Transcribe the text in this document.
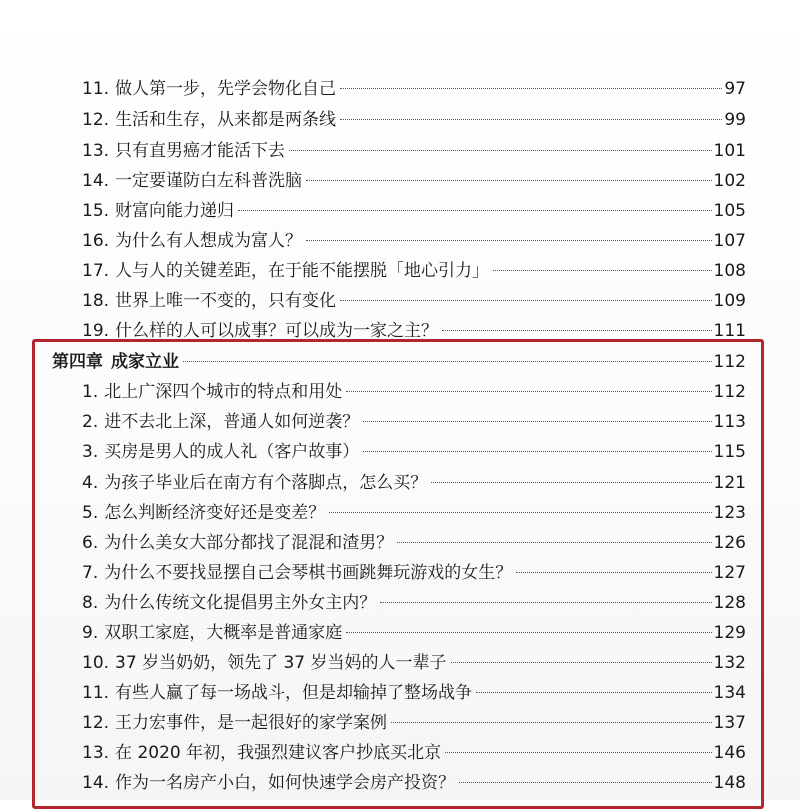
11. 做人第一步，先学会物化自己	97
12. 生活和生存，从来都是两条线	99
13. 只有直男癌才能活下去	101
14. 一定要谨防白左科普洗脑	102
15. 财富向能力递归	105
16. 为什么有人想成为富人？	107
17. 人与人的关键差距，在于能不能摆脱「地心引力」	108
18. 世界上唯一不变的，只有变化	109
19. 什么样的人可以成事？可以成为一家之主？	111
第四章 成家立业	112
1. 北上广深四个城市的特点和用处	112
2. 进不去北上深，普通人如何逆袭？	113
3. 买房是男人的成人礼（客户故事）	115
4. 为孩子毕业后在南方有个落脚点，怎么买？	121
5. 怎么判断经济变好还是变差？	123
6. 为什么美女大部分都找了混混和渣男？	126
7. 为什么不要找显摆自己会琴棋书画跳舞玩游戏的女生？	127
8. 为什么传统文化提倡男主外女主内？	128
9. 双职工家庭，大概率是普通家庭	129
10. 37 岁当奶奶，领先了 37 岁当妈的人一辈子	132
11. 有些人赢了每一场战斗，但是却输掉了整场战争	134
12. 王力宏事件，是一起很好的家学案例	137
13. 在 2020 年初，我强烈建议客户抄底买北京	146
14. 作为一名房产小白，如何快速学会房产投资？	148
